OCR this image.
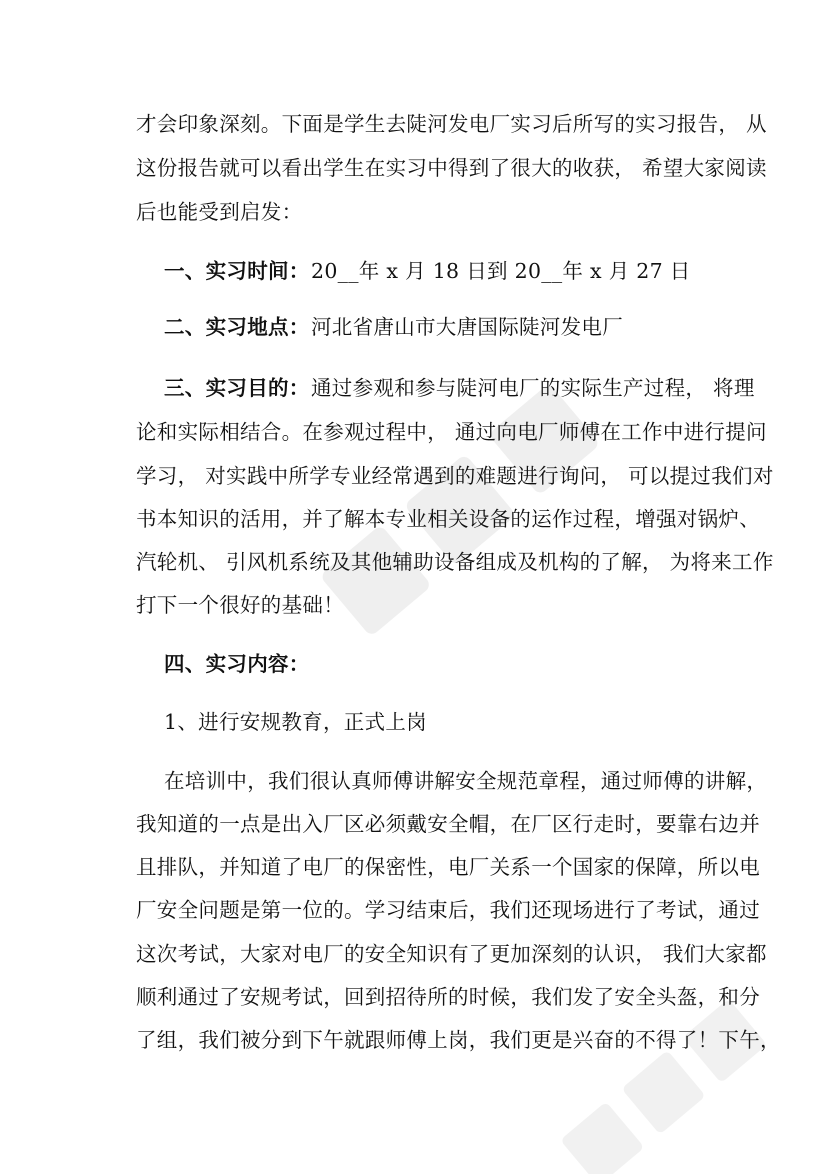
才会印象深刻。下面是学生去陡河发电厂实习后所写的实习报告， 从
这份报告就可以看出学生在实习中得到了很大的收获， 希望大家阅读
后也能受到启发：
一、实习时间： 20__年 x 月 18 日到 20__年 x 月 27 日
二、实习地点： 河北省唐山市大唐国际陡河发电厂
三、实习目的： 通过参观和参与陡河电厂的实际生产过程， 将理
论和实际相结合。在参观过程中， 通过向电厂师傅在工作中进行提问
学习， 对实践中所学专业经常遇到的难题进行询问， 可以提过我们对
书本知识的活用，并了解本专业相关设备的运作过程，增强对锅炉、
汽轮机、 引风机系统及其他辅助设备组成及机构的了解， 为将来工作
打下一个很好的基础！
四、实习内容：
1、进行安规教育，正式上岗
在培训中，我们很认真师傅讲解安全规范章程，通过师傅的讲解，
我知道的一点是出入厂区必须戴安全帽，在厂区行走时，要靠右边并
且排队，并知道了电厂的保密性，电厂关系一个国家的保障，所以电
厂安全问题是第一位的。学习结束后，我们还现场进行了考试，通过
这次考试，大家对电厂的安全知识有了更加深刻的认识， 我们大家都
顺利通过了安规考试，回到招待所的时候，我们发了安全头盔，和分
了组，我们被分到下午就跟师傅上岗，我们更是兴奋的不得了！下午，
